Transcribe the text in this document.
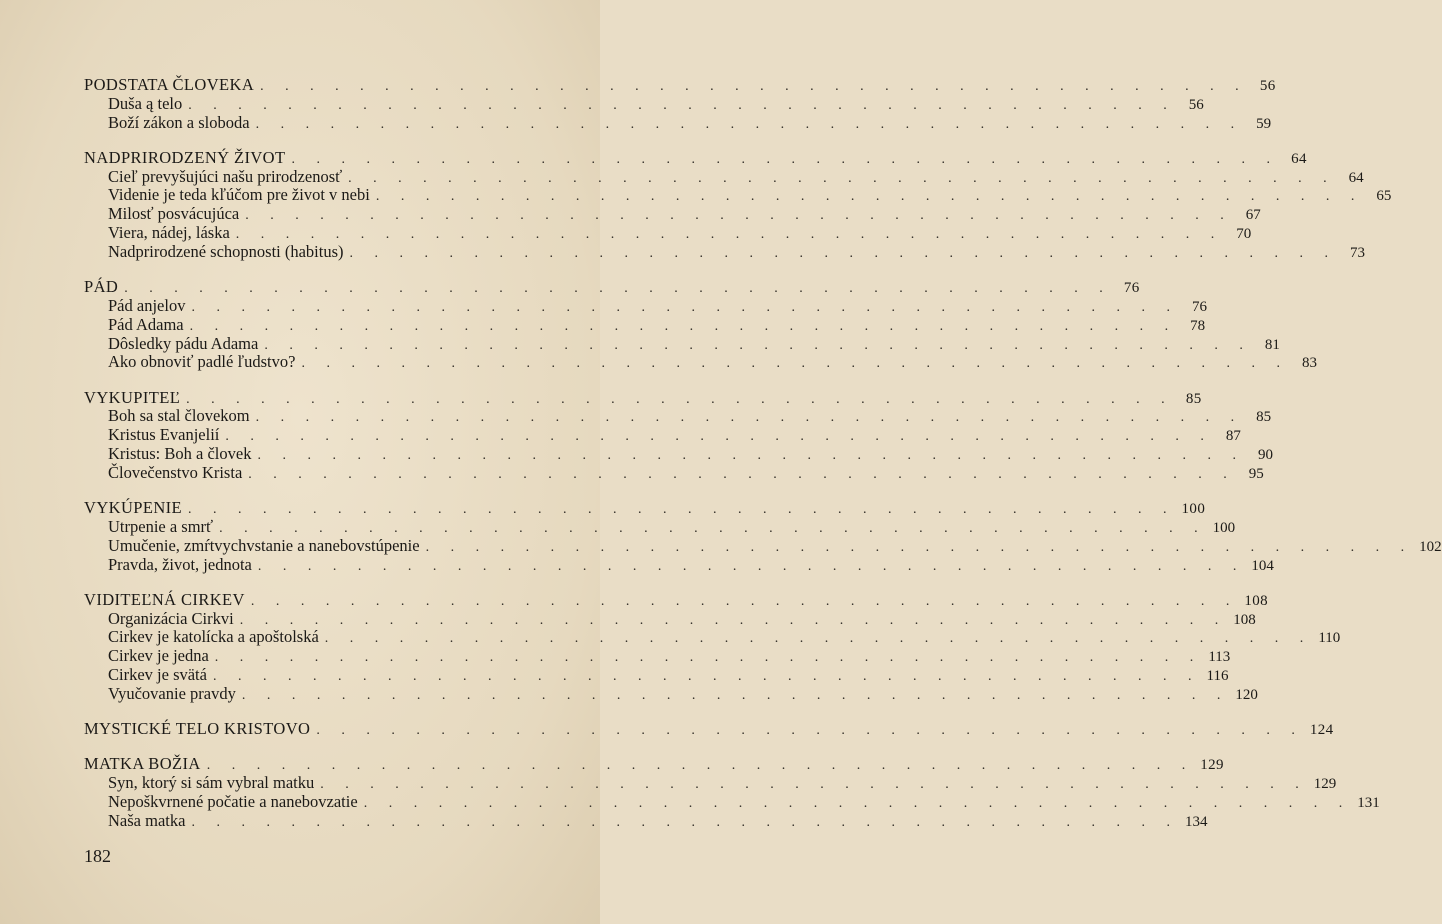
PODSTATA ČLOVEKA . . . . . . . . . . . . . . . . . . . . . . . . . . . . . . . . . . . . . . . . 56
Duša ą telo . . . . . . . . . . . . . . . . . . . . . . . . . . . . . . . . . . . . . . . . 56
Boží zákon a sloboda . . . . . . . . . . . . . . . . . . . . . . . . . . . . . . . . . . . . . . . . 59
NADPRIRODZENÝ ŽIVOT . . . . . . . . . . . . . . . . . . . . . . . . . . . . . . . . . . . . . . . . 64
Cieľ prevyšujúci našu prirodzenosť . . . . . . . . . . . . . . . . . . . . . . . . . . . . . . . . . . . . . . . . 64
Videnie je teda kľúčom pre život v nebi . . . . . . . . . . . . . . . . . . . . . . . . . . . . . . . . . . . . . . . . 65
Milosť posvácujúca . . . . . . . . . . . . . . . . . . . . . . . . . . . . . . . . . . . . . . . . 67
Viera, nádej, láska . . . . . . . . . . . . . . . . . . . . . . . . . . . . . . . . . . . . . . . . 70
Nadprirodzené schopnosti (habitus) . . . . . . . . . . . . . . . . . . . . . . . . . . . . . . . . . . . . . . . . 73
PÁD . . . . . . . . . . . . . . . . . . . . . . . . . . . . . . . . . . . . . . . . 76
Pád anjelov . . . . . . . . . . . . . . . . . . . . . . . . . . . . . . . . . . . . . . . . 76
Pád Adama . . . . . . . . . . . . . . . . . . . . . . . . . . . . . . . . . . . . . . . . 78
Dôsledky pádu Adama . . . . . . . . . . . . . . . . . . . . . . . . . . . . . . . . . . . . . . . . 81
Ako obnoviť padlé ľudstvo? . . . . . . . . . . . . . . . . . . . . . . . . . . . . . . . . . . . . . . . . 83
VYKUPITEĽ . . . . . . . . . . . . . . . . . . . . . . . . . . . . . . . . . . . . . . . . 85
Boh sa stal človekom . . . . . . . . . . . . . . . . . . . . . . . . . . . . . . . . . . . . . . . . 85
Kristus Evanjelií . . . . . . . . . . . . . . . . . . . . . . . . . . . . . . . . . . . . . . . . 87
Kristus: Boh a človek . . . . . . . . . . . . . . . . . . . . . . . . . . . . . . . . . . . . . . . . 90
Človečenstvo Krista . . . . . . . . . . . . . . . . . . . . . . . . . . . . . . . . . . . . . . . . 95
VYKÚPENIE . . . . . . . . . . . . . . . . . . . . . . . . . . . . . . . . . . . . . . . . 100
Utrpenie a smrť . . . . . . . . . . . . . . . . . . . . . . . . . . . . . . . . . . . . . . . . 100
Umučenie, zmŕtvychvstanie a nanebovstúpenie . . . . . . . . . . . . . . . . . . . . . . . . . . . . . . . . . . . . . . . . 102
Pravda, život, jednota . . . . . . . . . . . . . . . . . . . . . . . . . . . . . . . . . . . . . . . . 104
VIDITEĽNÁ CIRKEV . . . . . . . . . . . . . . . . . . . . . . . . . . . . . . . . . . . . . . . . 108
Organizácia Cirkvi . . . . . . . . . . . . . . . . . . . . . . . . . . . . . . . . . . . . . . . . 108
Cirkev je katolícka a apoštolská . . . . . . . . . . . . . . . . . . . . . . . . . . . . . . . . . . . . . . . . 110
Cirkev je jedna . . . . . . . . . . . . . . . . . . . . . . . . . . . . . . . . . . . . . . . . 113
Cirkev je svätá . . . . . . . . . . . . . . . . . . . . . . . . . . . . . . . . . . . . . . . . 116
Vyučovanie pravdy . . . . . . . . . . . . . . . . . . . . . . . . . . . . . . . . . . . . . . . . 120
MYSTICKÉ TELO KRISTOVO . . . . . . . . . . . . . . . . . . . . . . . . . . . . . . . . . . . . . . . . 124
MATKA BOŽIA . . . . . . . . . . . . . . . . . . . . . . . . . . . . . . . . . . . . . . . . 129
Syn, ktorý si sám vybral matku . . . . . . . . . . . . . . . . . . . . . . . . . . . . . . . . . . . . . . . . 129
Nepoškvrnené počatie a nanebovzatie . . . . . . . . . . . . . . . . . . . . . . . . . . . . . . . . . . . . . . . . 131
Naša matka . . . . . . . . . . . . . . . . . . . . . . . . . . . . . . . . . . . . . . . . 134
182
